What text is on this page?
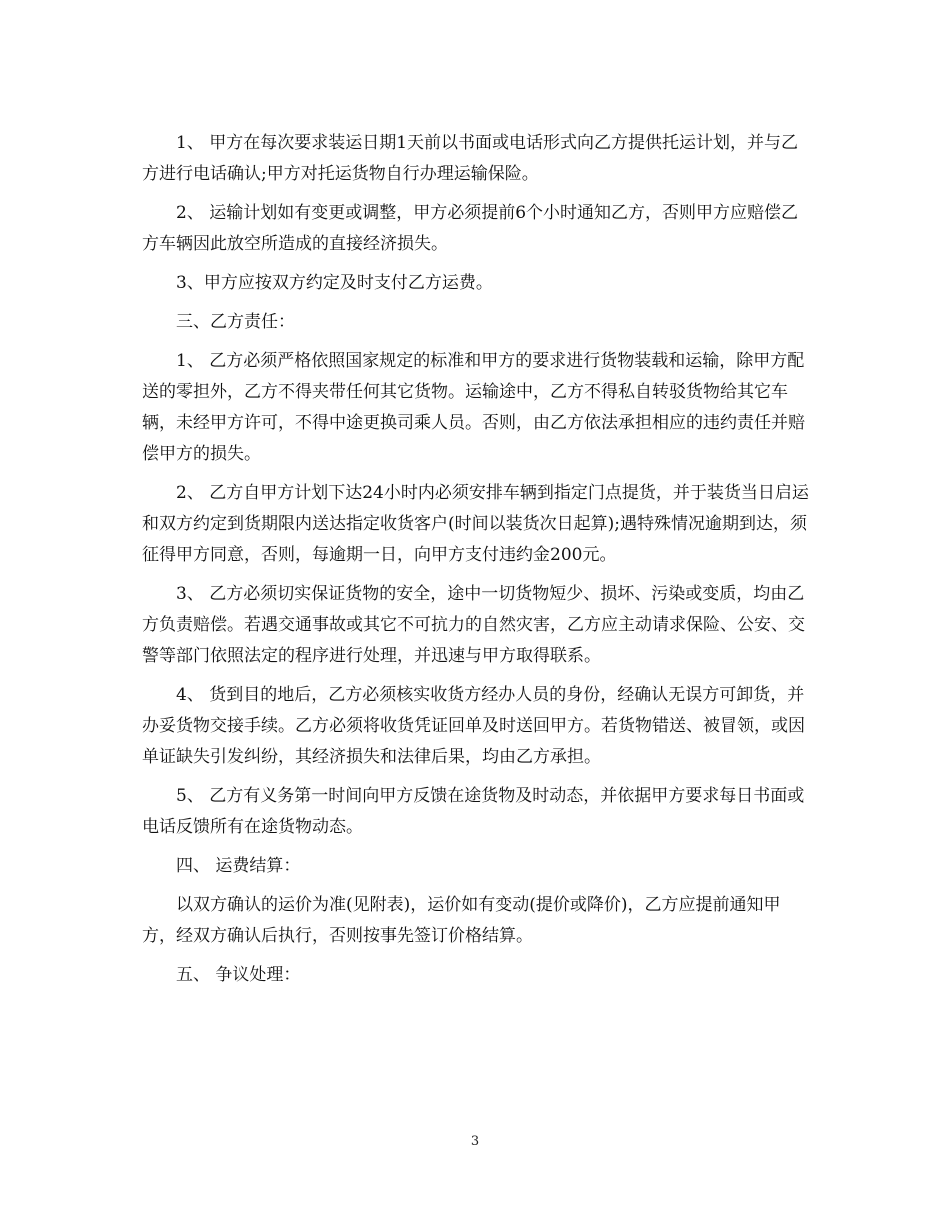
1、 甲方在每次要求装运日期1天前以书面或电话形式向乙方提供托运计划，并与乙方进行电话确认;甲方对托运货物自行办理运输保险。

2、 运输计划如有变更或调整，甲方必须提前6个小时通知乙方，否则甲方应赔偿乙方车辆因此放空所造成的直接经济损失。

3、甲方应按双方约定及时支付乙方运费。

三、乙方责任：

1、 乙方必须严格依照国家规定的标准和甲方的要求进行货物装载和运输，除甲方配送的零担外，乙方不得夹带任何其它货物。运输途中，乙方不得私自转驳货物给其它车辆，未经甲方许可，不得中途更换司乘人员。否则，由乙方依法承担相应的违约责任并赔偿甲方的损失。

2、 乙方自甲方计划下达24小时内必须安排车辆到指定门点提货，并于装货当日启运和双方约定到货期限内送达指定收货客户(时间以装货次日起算);遇特殊情况逾期到达，须征得甲方同意，否则，每逾期一日，向甲方支付违约金200元。

3、 乙方必须切实保证货物的安全，途中一切货物短少、损坏、污染或变质，均由乙方负责赔偿。若遇交通事故或其它不可抗力的自然灾害，乙方应主动请求保险、公安、交警等部门依照法定的程序进行处理，并迅速与甲方取得联系。

4、 货到目的地后，乙方必须核实收货方经办人员的身份，经确认无误方可卸货，并办妥货物交接手续。乙方必须将收货凭证回单及时送回甲方。若货物错送、被冒领，或因单证缺失引发纠纷，其经济损失和法律后果，均由乙方承担。

5、 乙方有义务第一时间向甲方反馈在途货物及时动态，并依据甲方要求每日书面或电话反馈所有在途货物动态。

四、 运费结算：

以双方确认的运价为准(见附表)，运价如有变动(提价或降价)，乙方应提前通知甲方，经双方确认后执行，否则按事先签订价格结算。

五、 争议处理：

3
